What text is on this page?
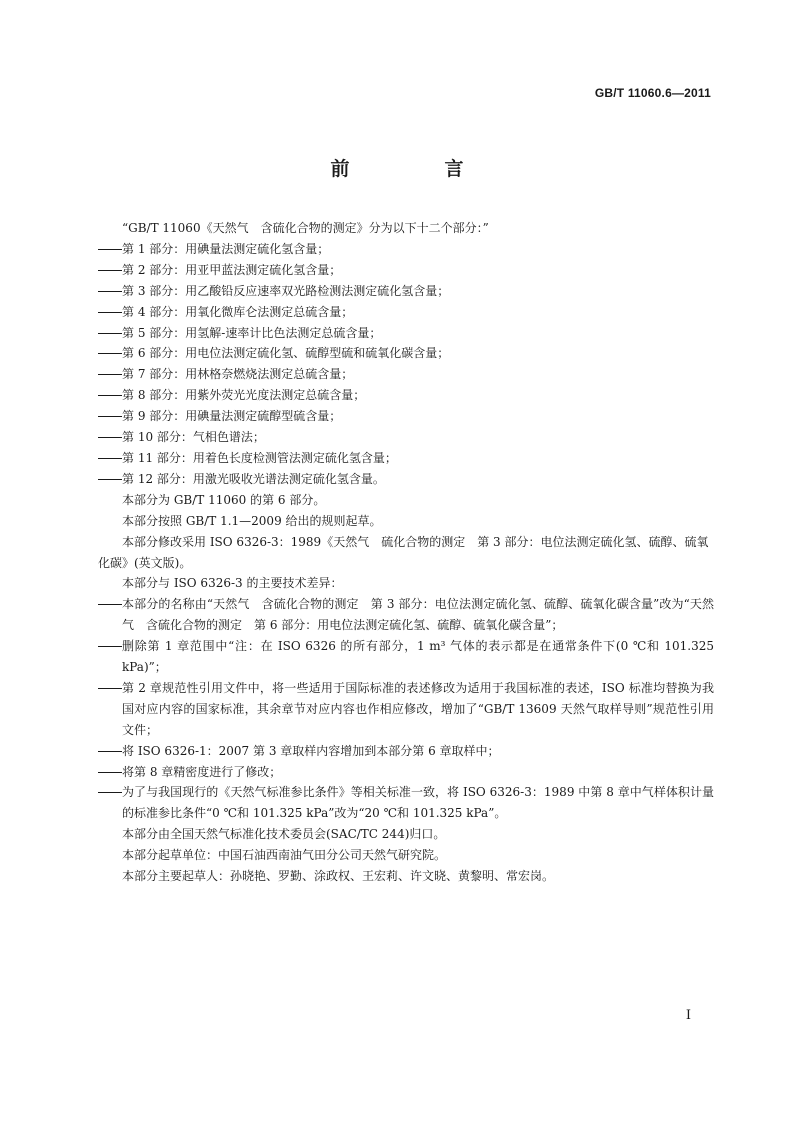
GB/T 11060.6—2011
前　言

“GB/T 11060《天然气　含硫化合物的测定》分为以下十二个部分：”

第 1 部分：用碘量法测定硫化氢含量；
第 2 部分：用亚甲蓝法测定硫化氢含量；
第 3 部分：用乙酸铅反应速率双光路检测法测定硫化氢含量；
第 4 部分：用氧化微库仑法测定总硫含量；
第 5 部分：用氢解-速率计比色法测定总硫含量；
第 6 部分：用电位法测定硫化氢、硫醇型硫和硫氧化碳含量；
第 7 部分：用林格奈燃烧法测定总硫含量；
第 8 部分：用紫外荧光光度法测定总硫含量；
第 9 部分：用碘量法测定硫醇型硫含量；
第 10 部分：气相色谱法；
第 11 部分：用着色长度检测管法测定硫化氢含量；
第 12 部分：用激光吸收光谱法测定硫化氢含量。

本部分为 GB/T 11060 的第 6 部分。

本部分按照 GB/T 1.1—2009 给出的规则起草。

本部分修改采用 ISO 6326-3：1989《天然气　硫化合物的测定　第 3 部分：电位法测定硫化氢、硫醇、硫氧化碳》(英文版)。

本部分与 ISO 6326-3 的主要技术差异：

本部分的名称由“天然气　含硫化合物的测定　第 3 部分：电位法测定硫化氢、硫醇、硫氧化碳含量”改为“天然气　含硫化合物的测定　第 6 部分：用电位法测定硫化氢、硫醇、硫氧化碳含量”；
删除第 1 章范围中“注：在 ISO 6326 的所有部分，1 m³ 气体的表示都是在通常条件下(0 ℃和 101.325 kPa)”；
第 2 章规范性引用文件中，将一些适用于国际标准的表述修改为适用于我国标准的表述，ISO 标准均替换为我国对应内容的国家标准，其余章节对应内容也作相应修改，增加了“GB/T 13609 天然气取样导则”规范性引用文件；
将 ISO 6326-1：2007 第 3 章取样内容增加到本部分第 6 章取样中；
将第 8 章精密度进行了修改；
为了与我国现行的《天然气标准参比条件》等相关标准一致，将 ISO 6326-3：1989 中第 8 章中气样体积计量的标准参比条件“0 ℃和 101.325 kPa”改为“20 ℃和 101.325 kPa”。

本部分由全国天然气标准化技术委员会(SAC/TC 244)归口。

本部分起草单位：中国石油西南油气田分公司天然气研究院。

本部分主要起草人：孙晓艳、罗勤、涂政权、王宏莉、许文晓、黄黎明、常宏岗。

I
